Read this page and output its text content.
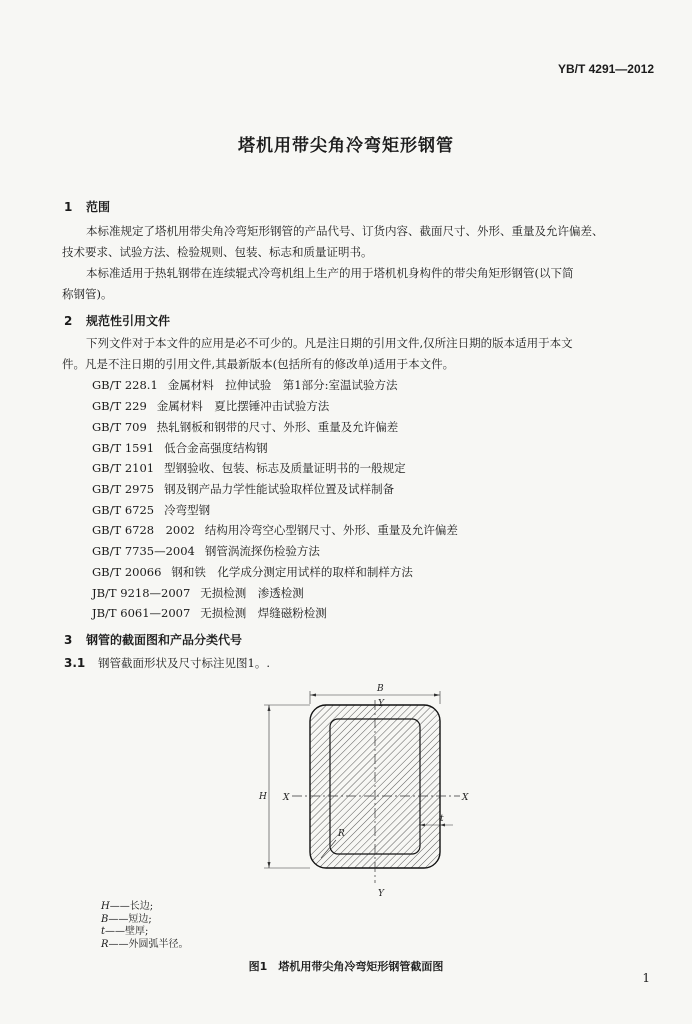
YB/T 4291—2012
塔机用带尖角冷弯矩形钢管
1 范围
本标准规定了塔机用带尖角冷弯矩形钢管的产品代号、订货内容、截面尺寸、外形、重量及允许偏差、
技术要求、试验方法、检验规则、包装、标志和质量证明书。
本标准适用于热轧钢带在连续辊式冷弯机组上生产的用于塔机机身构件的带尖角矩形钢管(以下简
称钢管)。
2 规范性引用文件
下列文件对于本文件的应用是必不可少的。凡是注日期的引用文件,仅所注日期的版本适用于本文
件。凡是不注日期的引用文件,其最新版本(包括所有的修改单)适用于本文件。
GB/T 228.1 金属材料　拉伸试验　第1部分:室温试验方法
GB/T 229 金属材料　夏比摆锤冲击试验方法
GB/T 709 热轧钢板和钢带的尺寸、外形、重量及允许偏差
GB/T 1591 低合金高强度结构钢
GB/T 2101 型钢验收、包装、标志及质量证明书的一般规定
GB/T 2975 钢及钢产品力学性能试验取样位置及试样制备
GB/T 6725 冷弯型钢
GB/T 6728　2002 结构用冷弯空心型钢尺寸、外形、重量及允许偏差
GB/T 7735—2004 钢管涡流探伤检验方法
GB/T 20066 钢和铁　化学成分测定用试样的取样和制样方法
JB/T 9218—2007 无损检测　渗透检测
JB/T 6061—2007 无损检测　焊缝磁粉检测
3 钢管的截面图和产品分类代号
3.1 钢管截面形状及尺寸标注见图1。.
B
Y
Y
H X	X
t
R
H——长边;
B——短边;
t——壁厚;
R——外圆弧半径。
图1　塔机用带尖角冷弯矩形钢管截面图
1
